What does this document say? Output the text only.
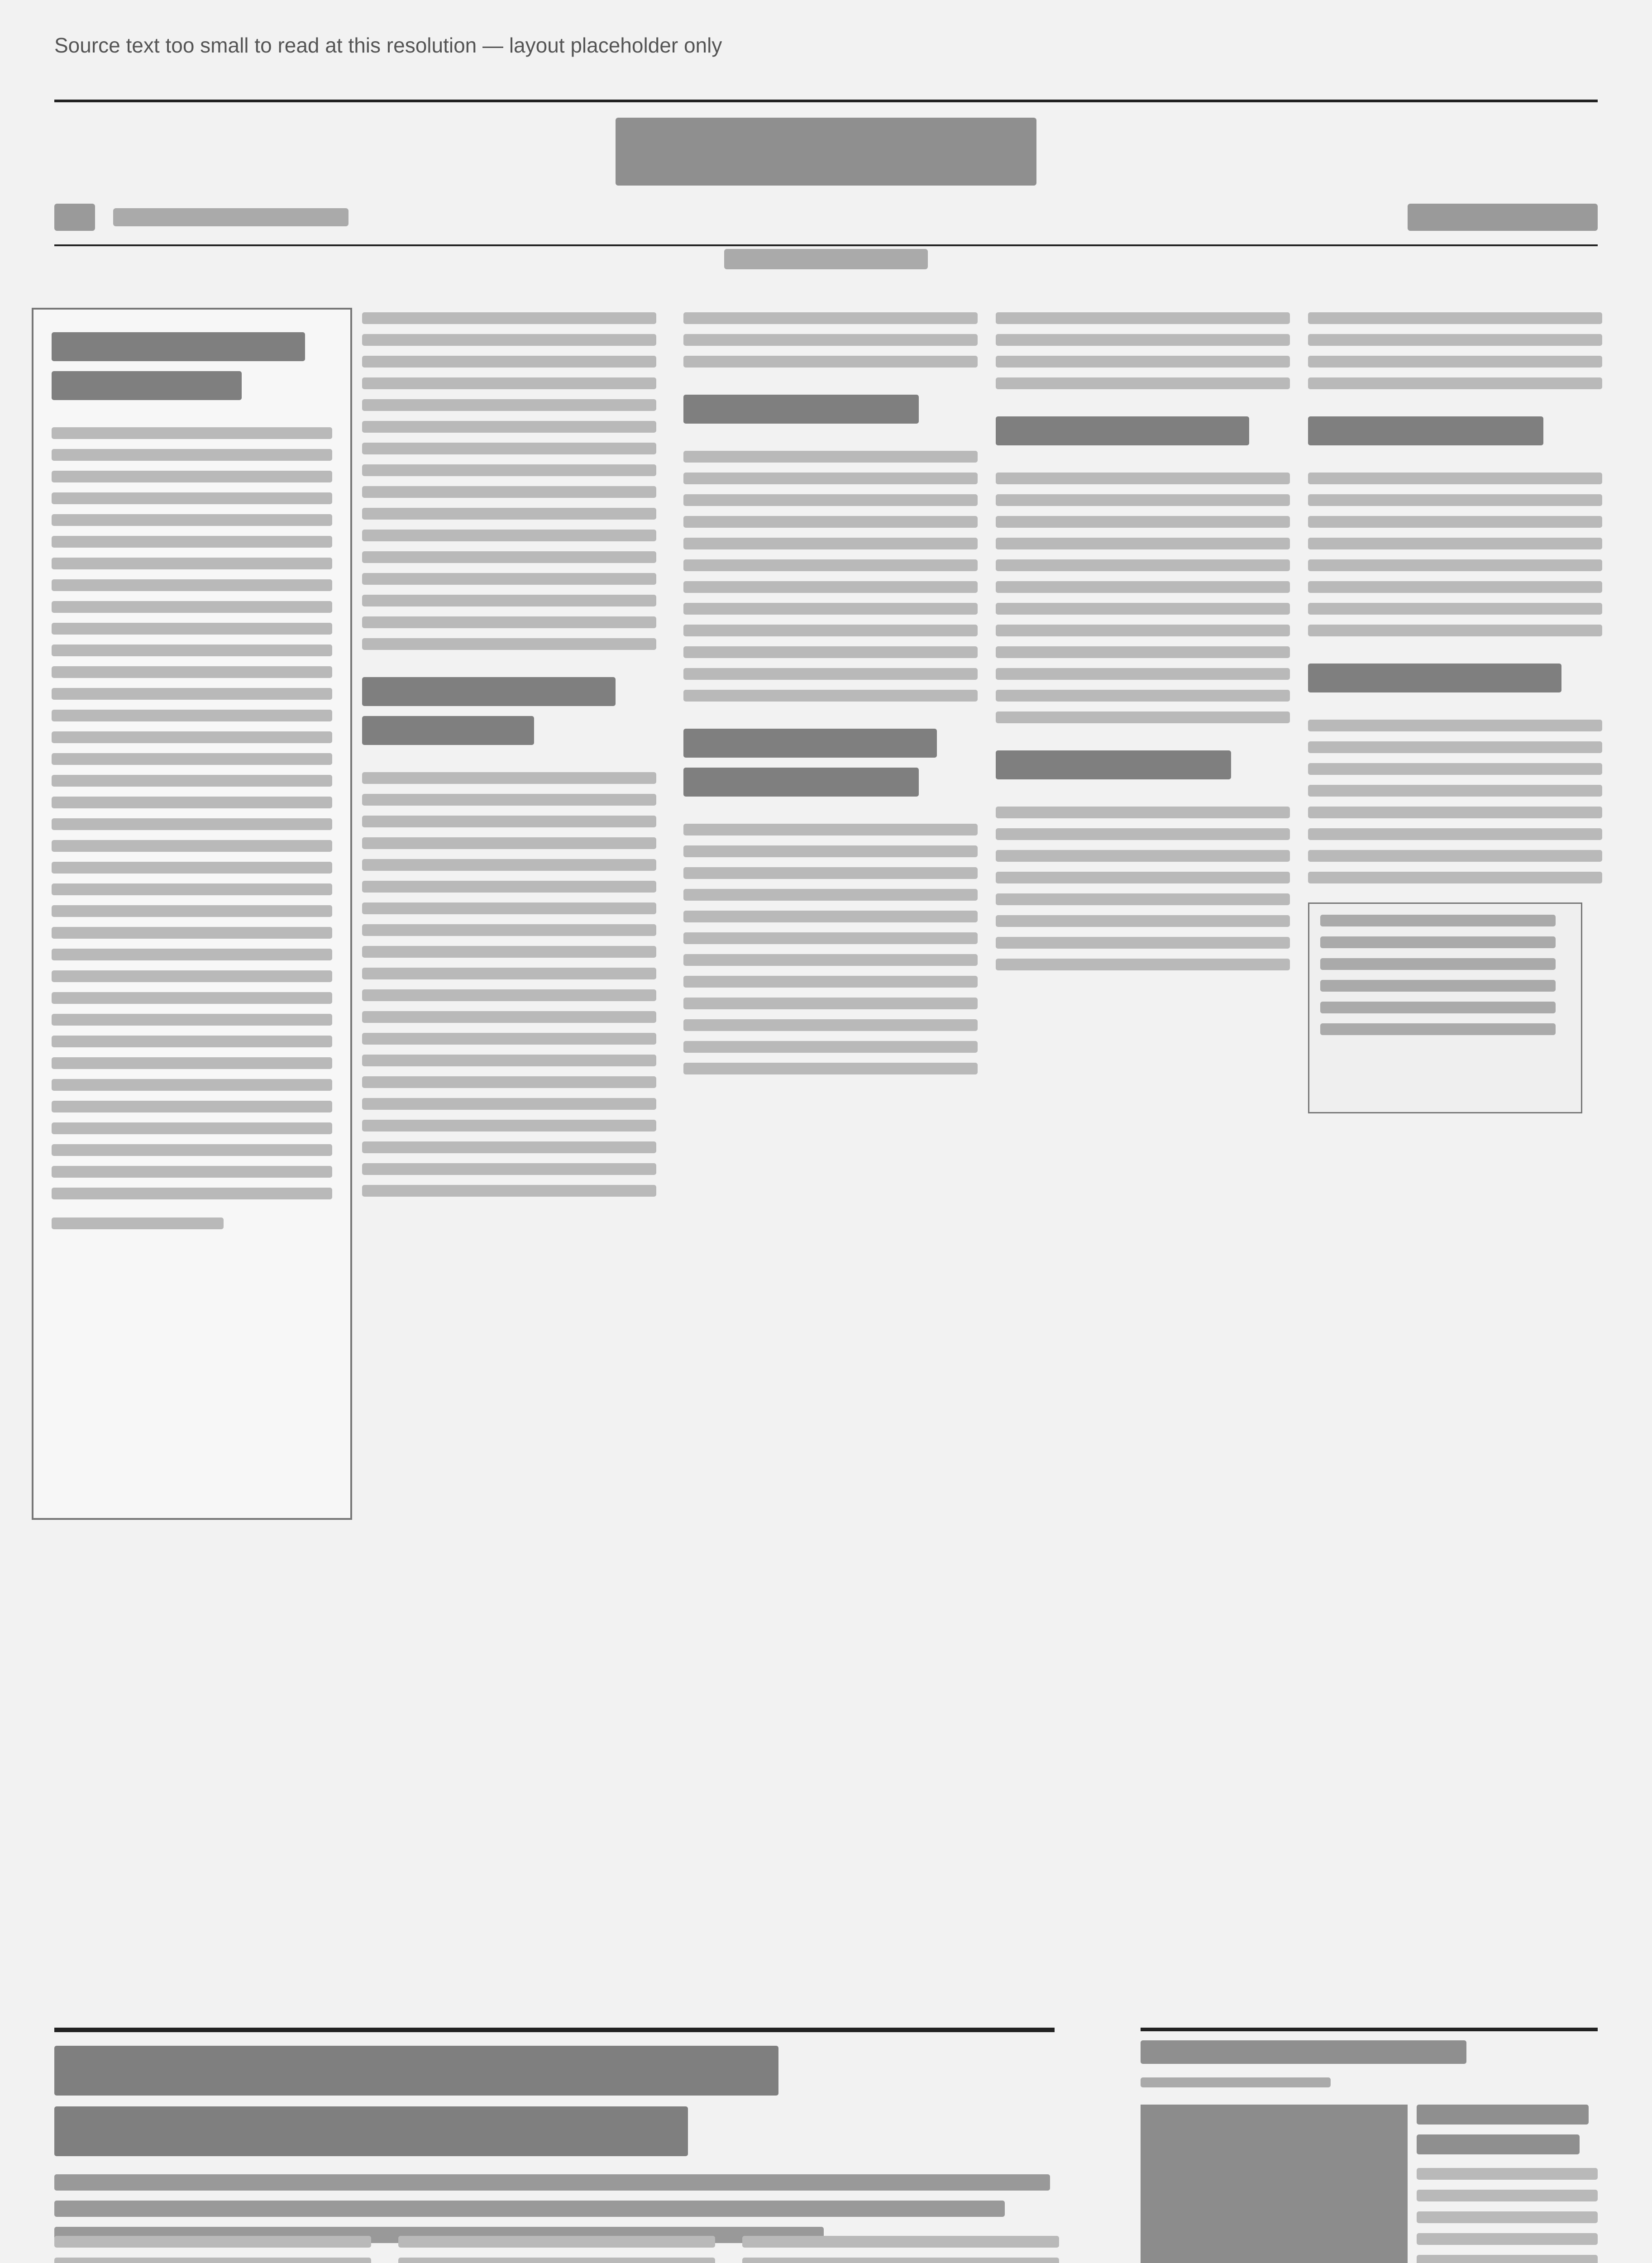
Source text too small to read at this resolution — layout placeholder only
